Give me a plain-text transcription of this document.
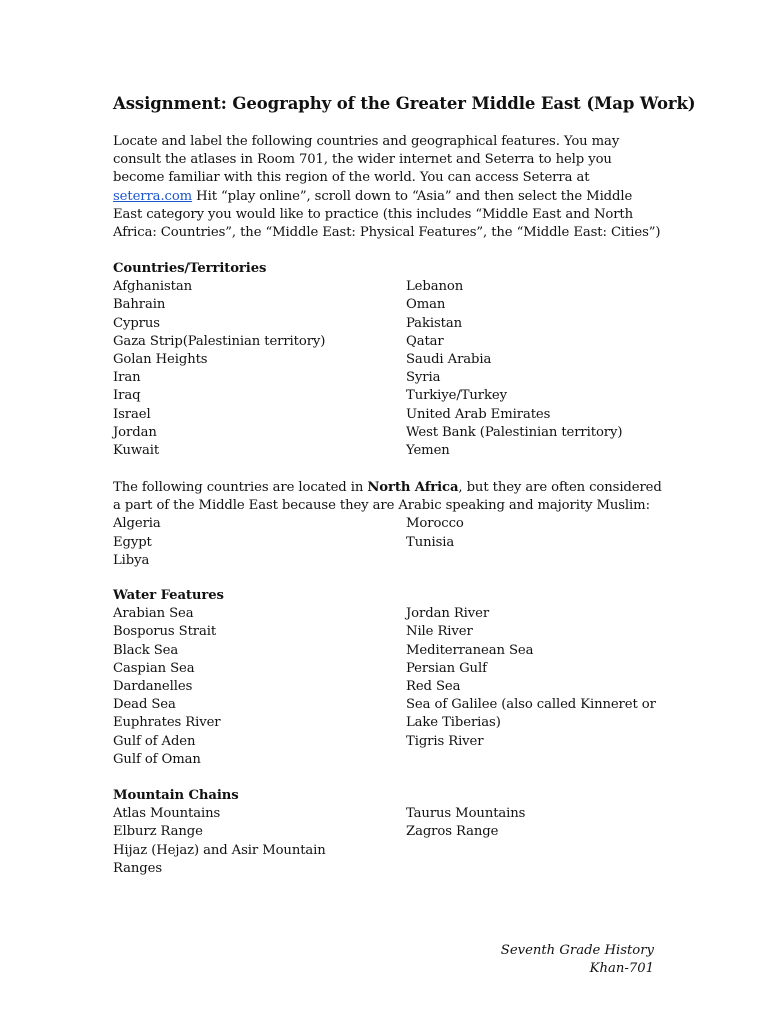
Assignment: Geography of the Greater Middle East (Map Work)

Locate and label the following countries and geographical features. You may consult the atlases in Room 701, the wider internet and Seterra to help you become familiar with this region of the world. You can access Seterra at seterra.com Hit “play online”, scroll down to “Asia” and then select the Middle East category you would like to practice (this includes “Middle East and North Africa: Countries”, the “Middle East: Physical Features”, the “Middle East: Cities”)

Countries/Territories
Afghanistan
Bahrain
Cyprus
Gaza Strip(Palestinian territory)
Golan Heights
Iran
Iraq
Israel
Jordan
Kuwait
Lebanon
Oman
Pakistan
Qatar
Saudi Arabia
Syria
Turkiye/Turkey
United Arab Emirates
West Bank (Palestinian territory)
Yemen

The following countries are located in North Africa, but they are often considered a part of the Middle East because they are Arabic speaking and majority Muslim:

Algeria
Egypt
Libya
Morocco
Tunisia
Water Features
Arabian Sea
Bosporus Strait
Black Sea
Caspian Sea
Dardanelles
Dead Sea
Euphrates River
Gulf of Aden
Gulf of Oman
Jordan River
Nile River
Mediterranean Sea
Persian Gulf
Red Sea
Sea of Galilee (also called Kinneret or Lake Tiberias)
Tigris River
Mountain Chains
Atlas Mountains
Elburz Range
Hijaz (Hejaz) and Asir Mountain Ranges
Taurus Mountains
Zagros Range
Seventh Grade History
Khan-701
